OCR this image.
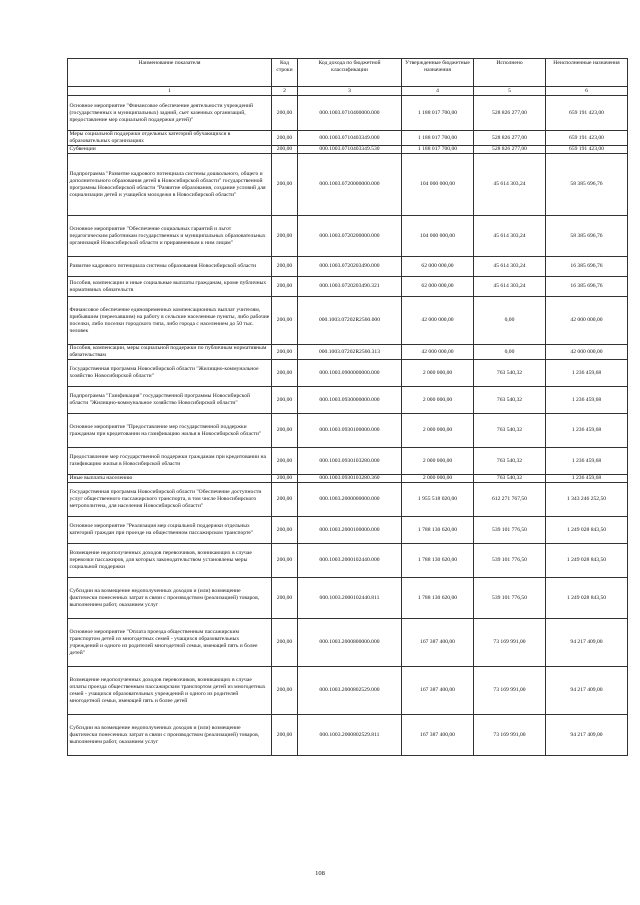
Наименование показателя	Код строки	Код дохода по бюджетной классификации	Утвержденные бюджетные назначения	Исполнено	Неисполненные назначения
1	2	3	4	5	6
Основное мероприятие "Финансовое обеспечение деятельности учреждений (государственных и муниципальных) задний, сьет казенных организаций, предоставление мер социальной поддержки детей)"	200,00	000.1003.0710400000.000	1 188 017 700,00	528 826 277,00	659 191 423,00
Меры социальной поддержки отдельных категорий обучающихся в образовательных организациях	200,00	000.1003.0710403349.000	1 188 017 700,00	528 826 277,00	659 191 423,00
Субвенции	200,00	000.1003.0710403349.530	1 188 017 700,00	528 826 277,00	659 191 423,00
Подпрограмма "Развитие кадрового потенциала системы дошкольного, общего и дополнительного образования детей в Новосибирской области" государственной программы Новосибирской области "Развитие образования, создание условий для социализации детей и учащейся молодежи в Новосибирской области"	200,00	000.1003.0720000000.000	104 000 000,00	45 614 303,24	58 385 696,76
Основное мероприятие "Обеспечение социальных гарантий и льгот педагогическим работникам государственных и муниципальных образовательных организаций Новосибирской области и приравненным к ним лицам"	200,00	000.1003.0720200000.000	104 000 000,00	45 614 303,24	58 385 696,76
Развитие кадрового потенциала системы образования Новосибирской области	200,00	000.1003.0720203490.000	62 000 000,00	45 614 303,24	16 385 696,76
Пособия, компенсации и иные социальные выплаты гражданам, кроме публичных нормативных обязательств	200,00	000.1003.0720203490.321	62 000 000,00	45 614 303,24	16 385 696,76
Финансовое обеспечение единовременных компенсационных выплат учителям, прибывшим (переехавшим) на работу в сельские населенные пункты, либо рабочие поселки, либо поселки городского типа, либо города с населением до 50 тыс. человек	200,00	000.1003.07202R2560.000	42 000 000,00	0,00	42 000 000,00
Пособия, компенсации, меры социальной поддержки по публичным нормативным обязательствам	200,00	000.1003.07202R2560.313	42 000 000,00	0,00	42 000 000,00
Государственная программа Новосибирской области "Жилищно-коммунальное хозяйство Новосибирской области"	200,00	000.1003.0900000000.000	2 000 000,00	763 540,32	1 236 459,68
Подпрограмма "Газификация" государственной программы Новосибирской области "Жилищно-коммунальное хозяйство Новосибирской области"	200,00	000.1003.0930000000.000	2 000 000,00	763 540,32	1 236 459,68
Основное мероприятие "Предоставление мер государственной поддержки гражданам при кредитовании на газификацию жилья в Новосибирской области"	200,00	000.1003.0930100000.000	2 000 000,00	763 540,32	1 236 459,68
Предоставление мер государственной поддержки гражданам при кредитовании на газификацию жилья в Новосибирской области	200,00	000.1003.0930103280.000	2 000 000,00	763 540,32	1 236 459,68
Иные выплаты населению	200,00	000.1003.0930103280.360	2 000 000,00	763 540,32	1 236 459,68
Государственная программа Новосибирской области "Обеспечение доступности услуг общественного пассажирского транспорта, в том числе Новосибирского метрополитена, для населения Новосибирской области"	200,00	000.1003.2000000000.000	1 955 518 020,00	612 271 767,50	1 343 246 252,50
Основное мероприятие "Реализация мер социальной поддержки отдельных категорий граждан при проезде на общественном пассажирском транспорте"	200,00	000.1003.2000100000.000	1 788 130 620,00	539 101 776,50	1 249 028 843,50
Возмещение недополученных доходов перевозчиков, возникающих в случае перевозки пассажиров, для которых законодательством установлены меры социальной поддержки	200,00	000.1003.2000102440.000	1 788 130 620,00	539 101 776,50	1 249 028 843,50
Субсидии на возмещение недополученных доходов и (или) возмещение фактически понесенных затрат в связи с производством (реализацией) товаров, выполнением работ, оказанием услуг	200,00	000.1003.2000102440.811	1 788 130 620,00	539 101 776,50	1 249 028 843,50
Основное мероприятие "Оплата проезда общественным пассажирским транспортом детей из многодетных семей - учащихся образовательных учреждений и одного из родителей многодетной семьи, имеющей пять и более детей"	200,00	000.1003.2000800000.000	167 387 400,00	73 169 991,00	94 217 409,00
Возмещение недополученных доходов перевозчиков, возникающих в случае оплаты проезда общественным пассажирским транспортом детей из многодетных семей - учащихся образовательных учреждений и одного из родителей многодетной семьи, имеющей пять и более детей	200,00	000.1003.2000802529.000	167 387 400,00	73 169 991,00	94 217 409,00
Субсидии на возмещение недополученных доходов и (или) возмещение фактически понесенных затрат в связи с производством (реализацией) товаров, выполнением работ, оказанием услуг	200,00	000.1003.2000802529.811	167 387 400,00	73 169 991,00	94 217 409,00
108
